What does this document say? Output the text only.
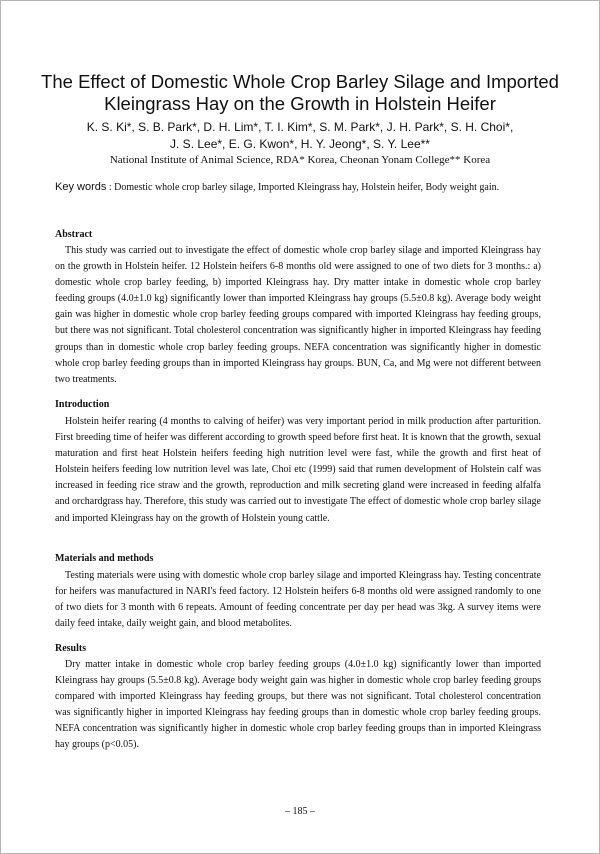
The Effect of Domestic Whole Crop Barley Silage and Imported
Kleingrass Hay on the Growth in Holstein Heifer

K. S. Ki*, S. B. Park*, D. H. Lim*, T. I. Kim*, S. M. Park*, J. H. Park*, S. H. Choi*,

J. S. Lee*, E. G. Kwon*, H. Y. Jeong*, S. Y. Lee**

National Institute of Animal Science, RDA* Korea, Cheonan Yonam College** Korea

Key words : Domestic whole crop barley silage, Imported Kleingrass hay, Holstein heifer, Body weight gain.

Abstract

This study was carried out to investigate the effect of domestic whole crop barley silage and imported Kleingrass hay on the growth in Holstein heifer. 12 Holstein heifers 6-8 months old were assigned to one of two diets for 3 months.: a) domestic whole crop barley feeding, b) imported Kleingrass hay. Dry matter intake in domestic whole crop barley feeding groups (4.0±1.0 kg) significantly lower than imported Kleingrass hay groups (5.5±0.8 kg). Average body weight gain was higher in domestic whole crop barley feeding groups compared with imported Kleingrass hay feeding groups, but there was not significant. Total cholesterol concentration was significantly higher in imported Kleingrass hay feeding groups than in domestic whole crop barley feeding groups. NEFA concentration was significantly higher in domestic whole crop barley feeding groups than in imported Kleingrass hay groups. BUN, Ca, and Mg were not different between two treatments.

Introduction

Holstein heifer rearing (4 months to calving of heifer) was very important period in milk production after parturition. First breeding time of heifer was different according to growth speed before first heat. It is known that the growth, sexual maturation and first heat Holstein heifers feeding high nutrition level were fast, while the growth and first heat of Holstein heifers feeding low nutrition level was late, Choi etc (1999) said that rumen development of Holstein calf was increased in feeding rice straw and the growth, reproduction and milk secreting gland were increased in feeding alfalfa and orchardgrass hay. Therefore, this study was carried out to investigate The effect of domestic whole crop barley silage and imported Kleingrass hay on the growth of Holstein young cattle.

Materials and methods

Testing materials were using with domestic whole crop barley silage and imported Kleingrass hay. Testing concentrate for heifers was manufactured in NARI's feed factory. 12 Holstein heifers 6-8 months old were assigned randomly to one of two diets for 3 month with 6 repeats. Amount of feeding concentrate per day per head was 3kg. A survey items were daily feed intake, daily weight gain, and blood metabolites.

Results

Dry matter intake in domestic whole crop barley feeding groups (4.0±1.0 kg) significantly lower than imported Kleingrass hay groups (5.5±0.8 kg). Average body weight gain was higher in domestic whole crop barley feeding groups compared with imported Kleingrass hay feeding groups, but there was not significant. Total cholesterol concentration was significantly higher in imported Kleingrass hay feeding groups than in domestic whole crop barley feeding groups. NEFA concentration was significantly higher in domestic whole crop barley feeding groups than in imported Kleingrass hay groups (p<0.05).

– 185 –
